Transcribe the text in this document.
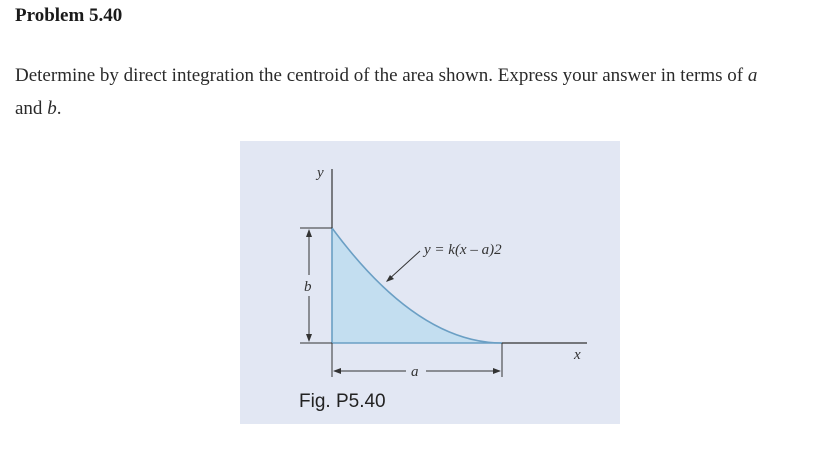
Problem 5.40
Determine by direct integration the centroid of the area shown. Express your answer in terms of a
and b.
y
x
b
a
y = k(x – a)2
Fig. P5.40
